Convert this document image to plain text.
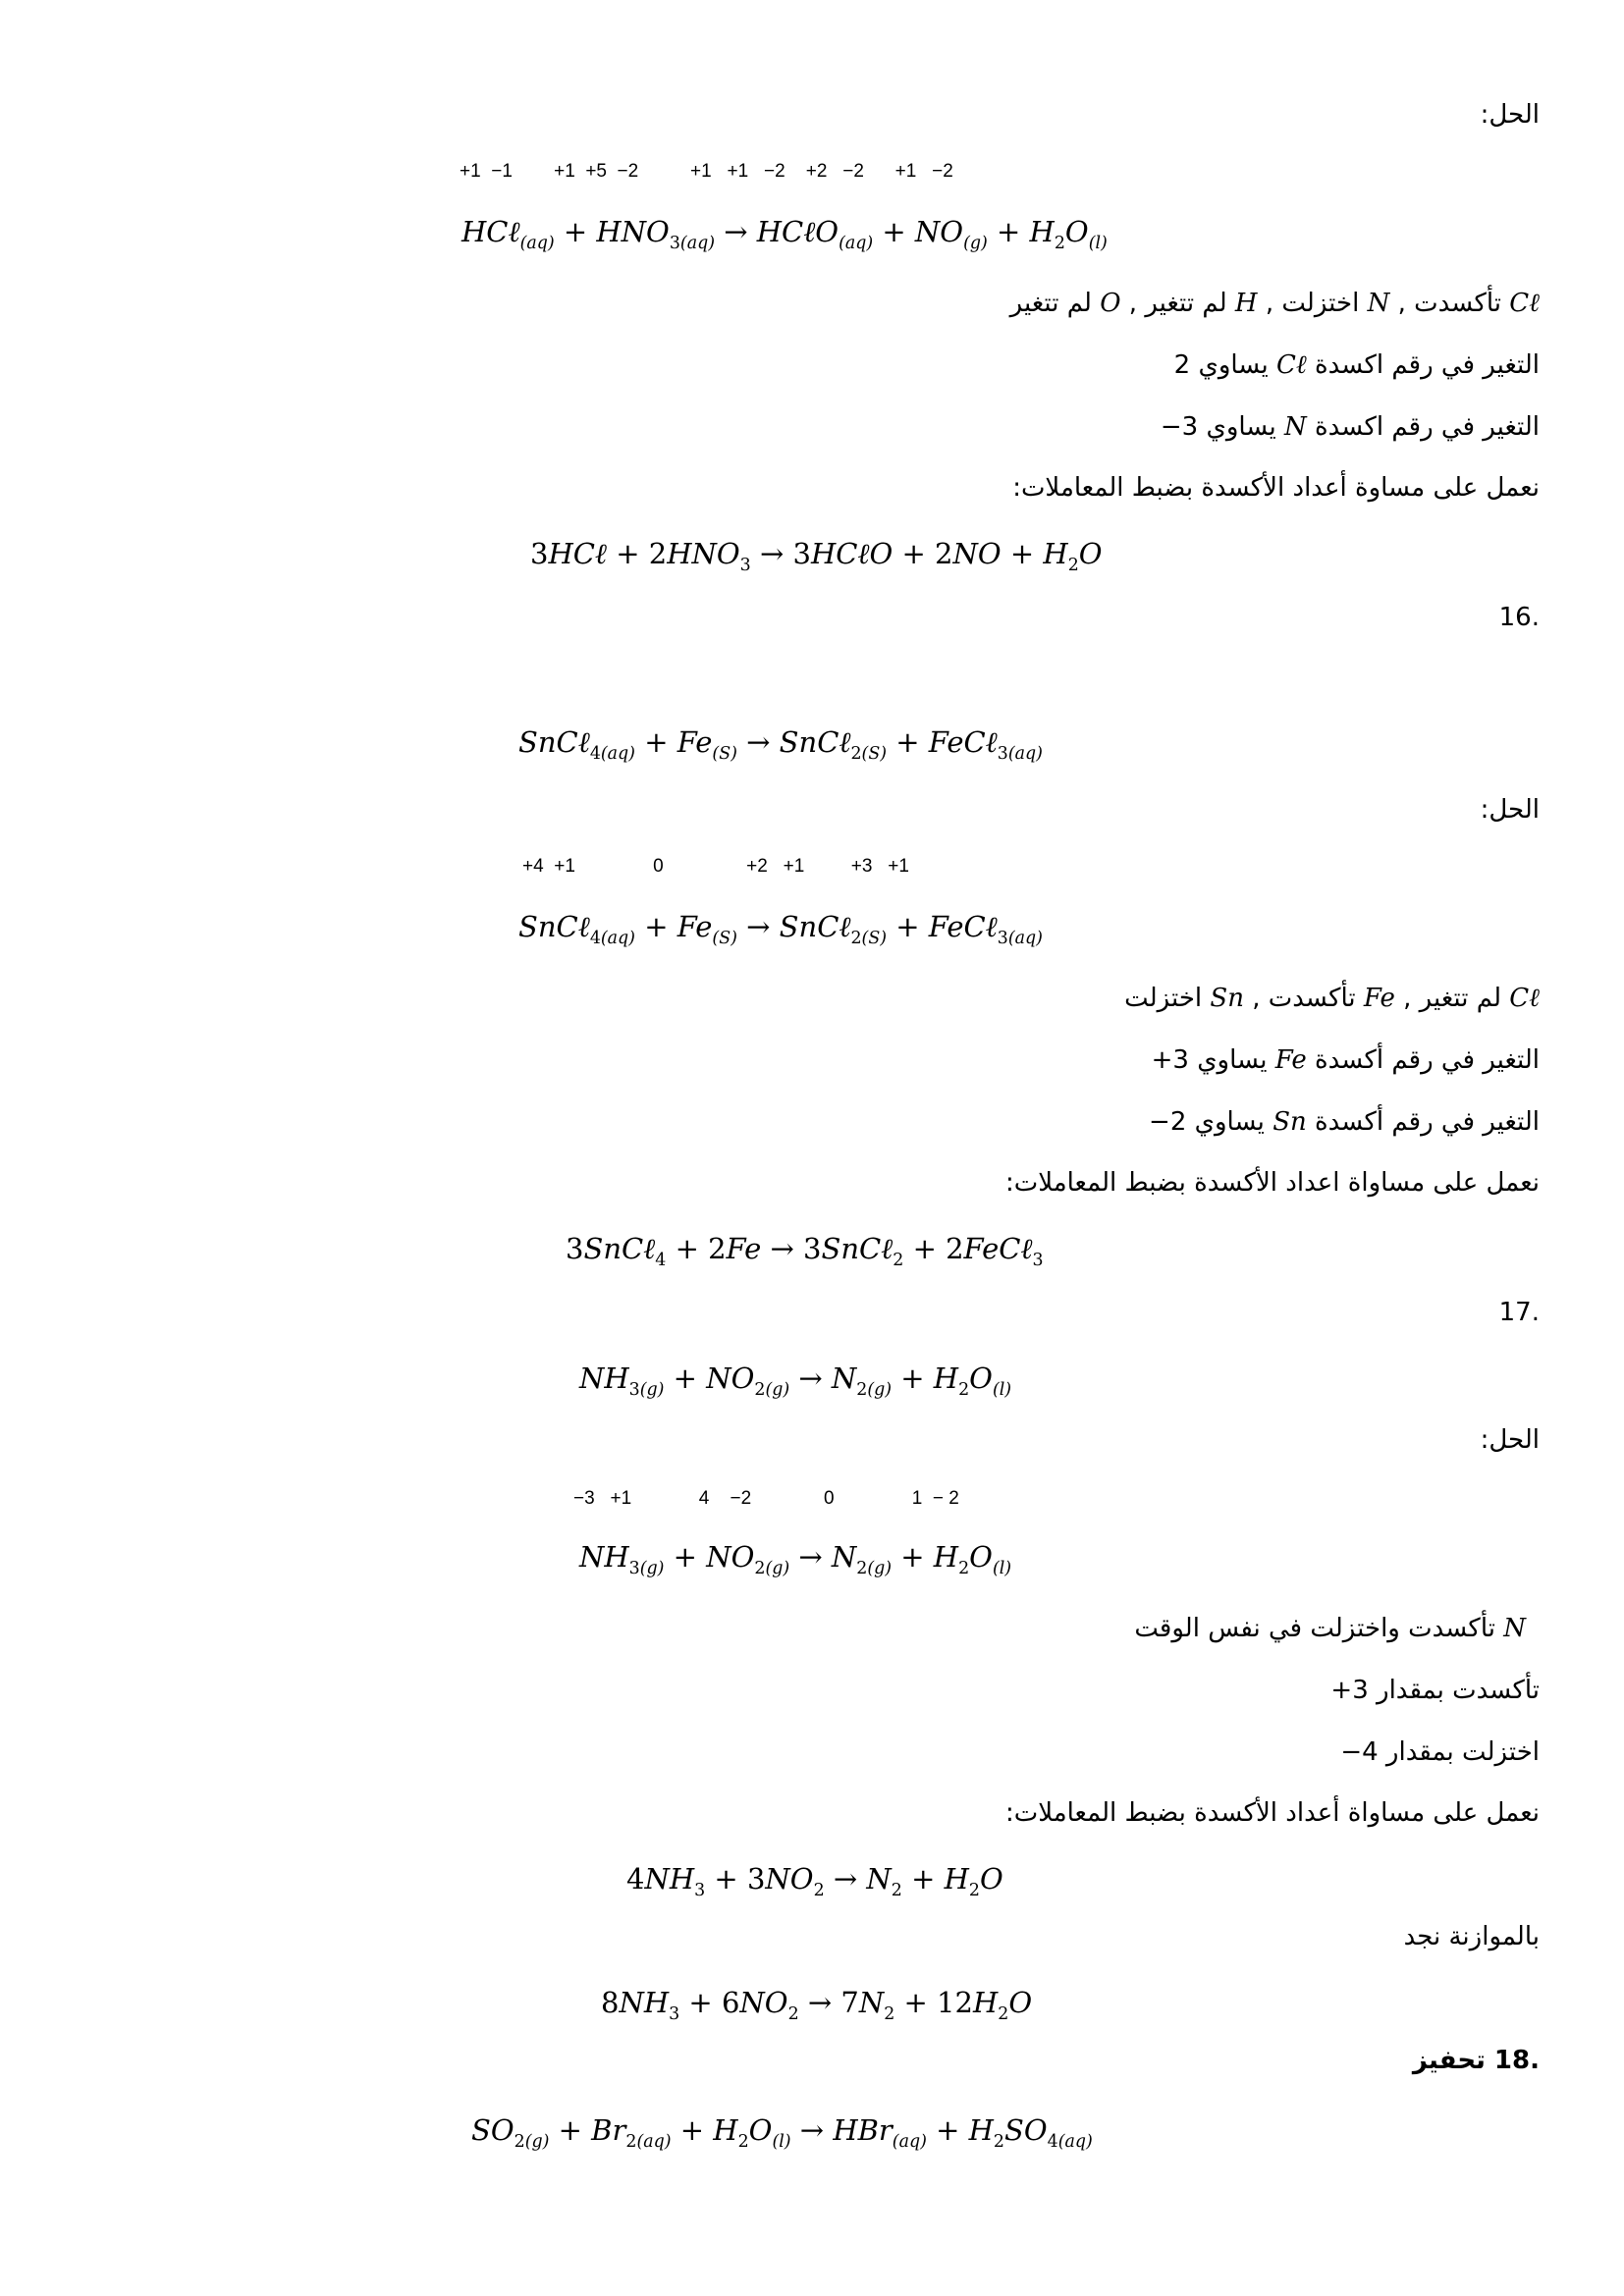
الحل:
+1  −1        +1  +5  −2          +1   +1   −2    +2   −2      +1   −2
HCℓ$_{(aq)}$ + $HNO_{3(aq)}$ → HCℓO$_{(aq)}$ + $NO_{(g)} + H_2O_{(l)}$
Cℓ تأكسدت , N اختزلت , H لم تتغير , O لم تتغير
التغير في رقم اكسدة Cℓ يساوي 2
التغير في رقم اكسدة N يساوي 3−
نعمل على مساوة أعداد الأكسدة بضبط المعاملات:
3HCℓ + $2HNO_3$ → 3HCℓO + $2NO + H_2O$
.16
SnCℓ$_{4(aq)}$ + $Fe_{(S)}$ → SnCℓ$_{2(S)}$ + FeCℓ$_{3(aq)}$
الحل:
+4  +1               0                +2   +1         +3   +1
SnCℓ$_{4(aq)}$ + $Fe_{(S)}$ → SnCℓ$_{2(S)}$ + FeCℓ$_{3(aq)}$
Cℓ لم تتغير , Fe تأكسدت , Sn اختزلت
التغير في رقم أكسدة Fe يساوي 3+
التغير في رقم أكسدة Sn يساوي 2−
نعمل على مساواة اعداد الأكسدة بضبط المعاملات:
3SnCℓ$_4$ + 2Fe → 3SnCℓ$_2$ + 2FeCℓ$_3$
.17
$NH_{3(g)} + NO_{2(g)} \to N_{2(g)} + H_2O_{(l)}$
الحل:
−3   +1             4    −2              0               1  − 2
$NH_{3(g)} + NO_{2(g)} \to N_{2(g)} + H_2O_{(l)}$
N تأكسدت واختزلت في نفس الوقت
تأكسدت بمقدار 3+
اختزلت بمقدار 4−
نعمل على مساواة أعداد الأكسدة بضبط المعاملات:
$4NH_3 + 3NO_2 \to N_2 + H_2O$
بالموازنة نجد
$8NH_3 + 6NO_2 \to 7N_2 + 12H_2O$
.18 تحفيز
$SO_{2(g)} + Br_{2(aq)} + H_2O_{(l)} \to HBr_{(aq)} + H_2SO_{4(aq)}$
